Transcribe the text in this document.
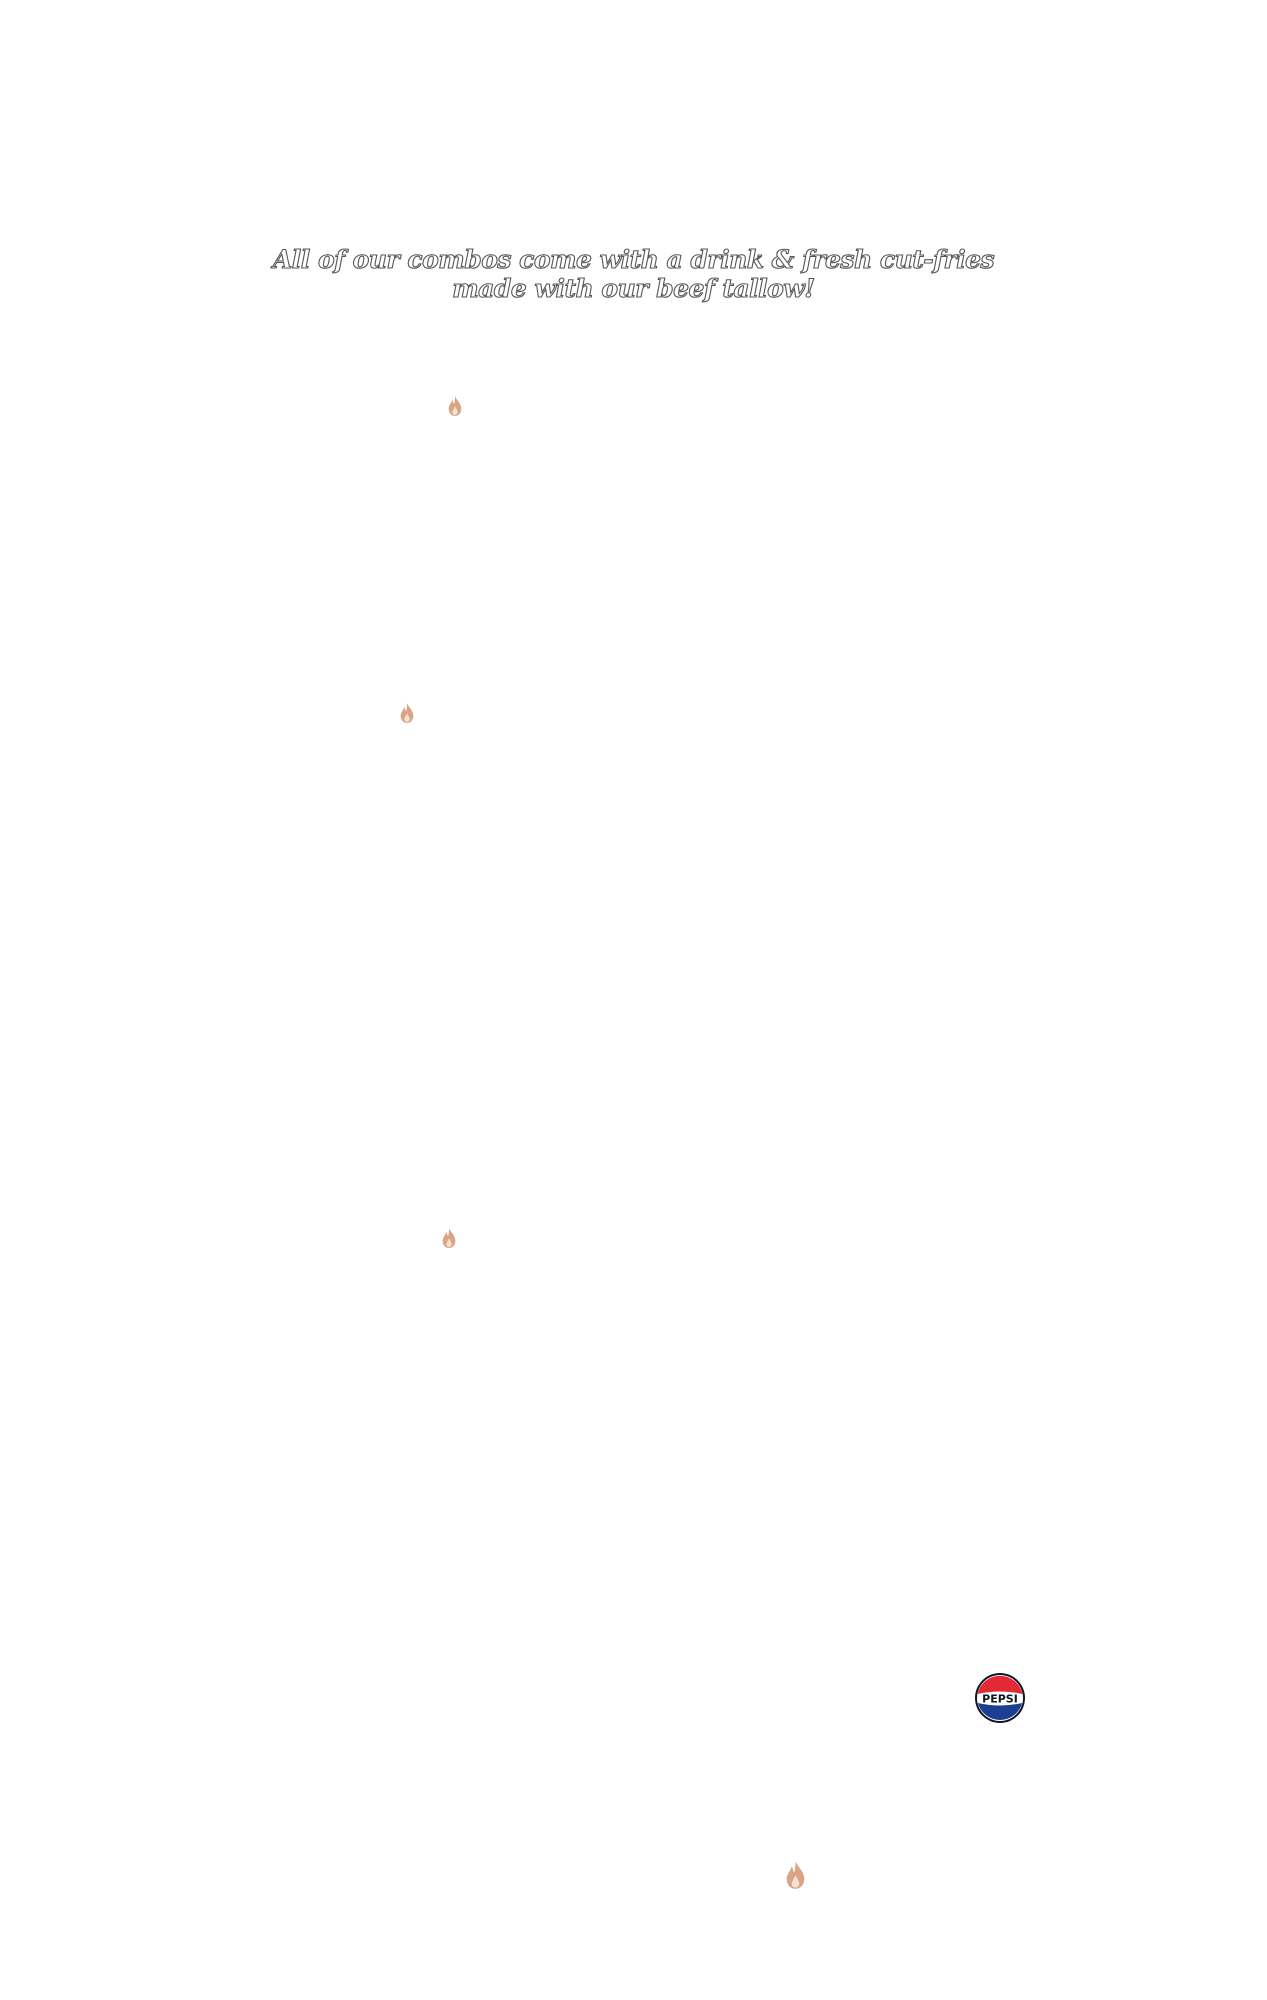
All of our combos come with a drink & fresh cut-fries
made with our beef tallow!
PEPSI
